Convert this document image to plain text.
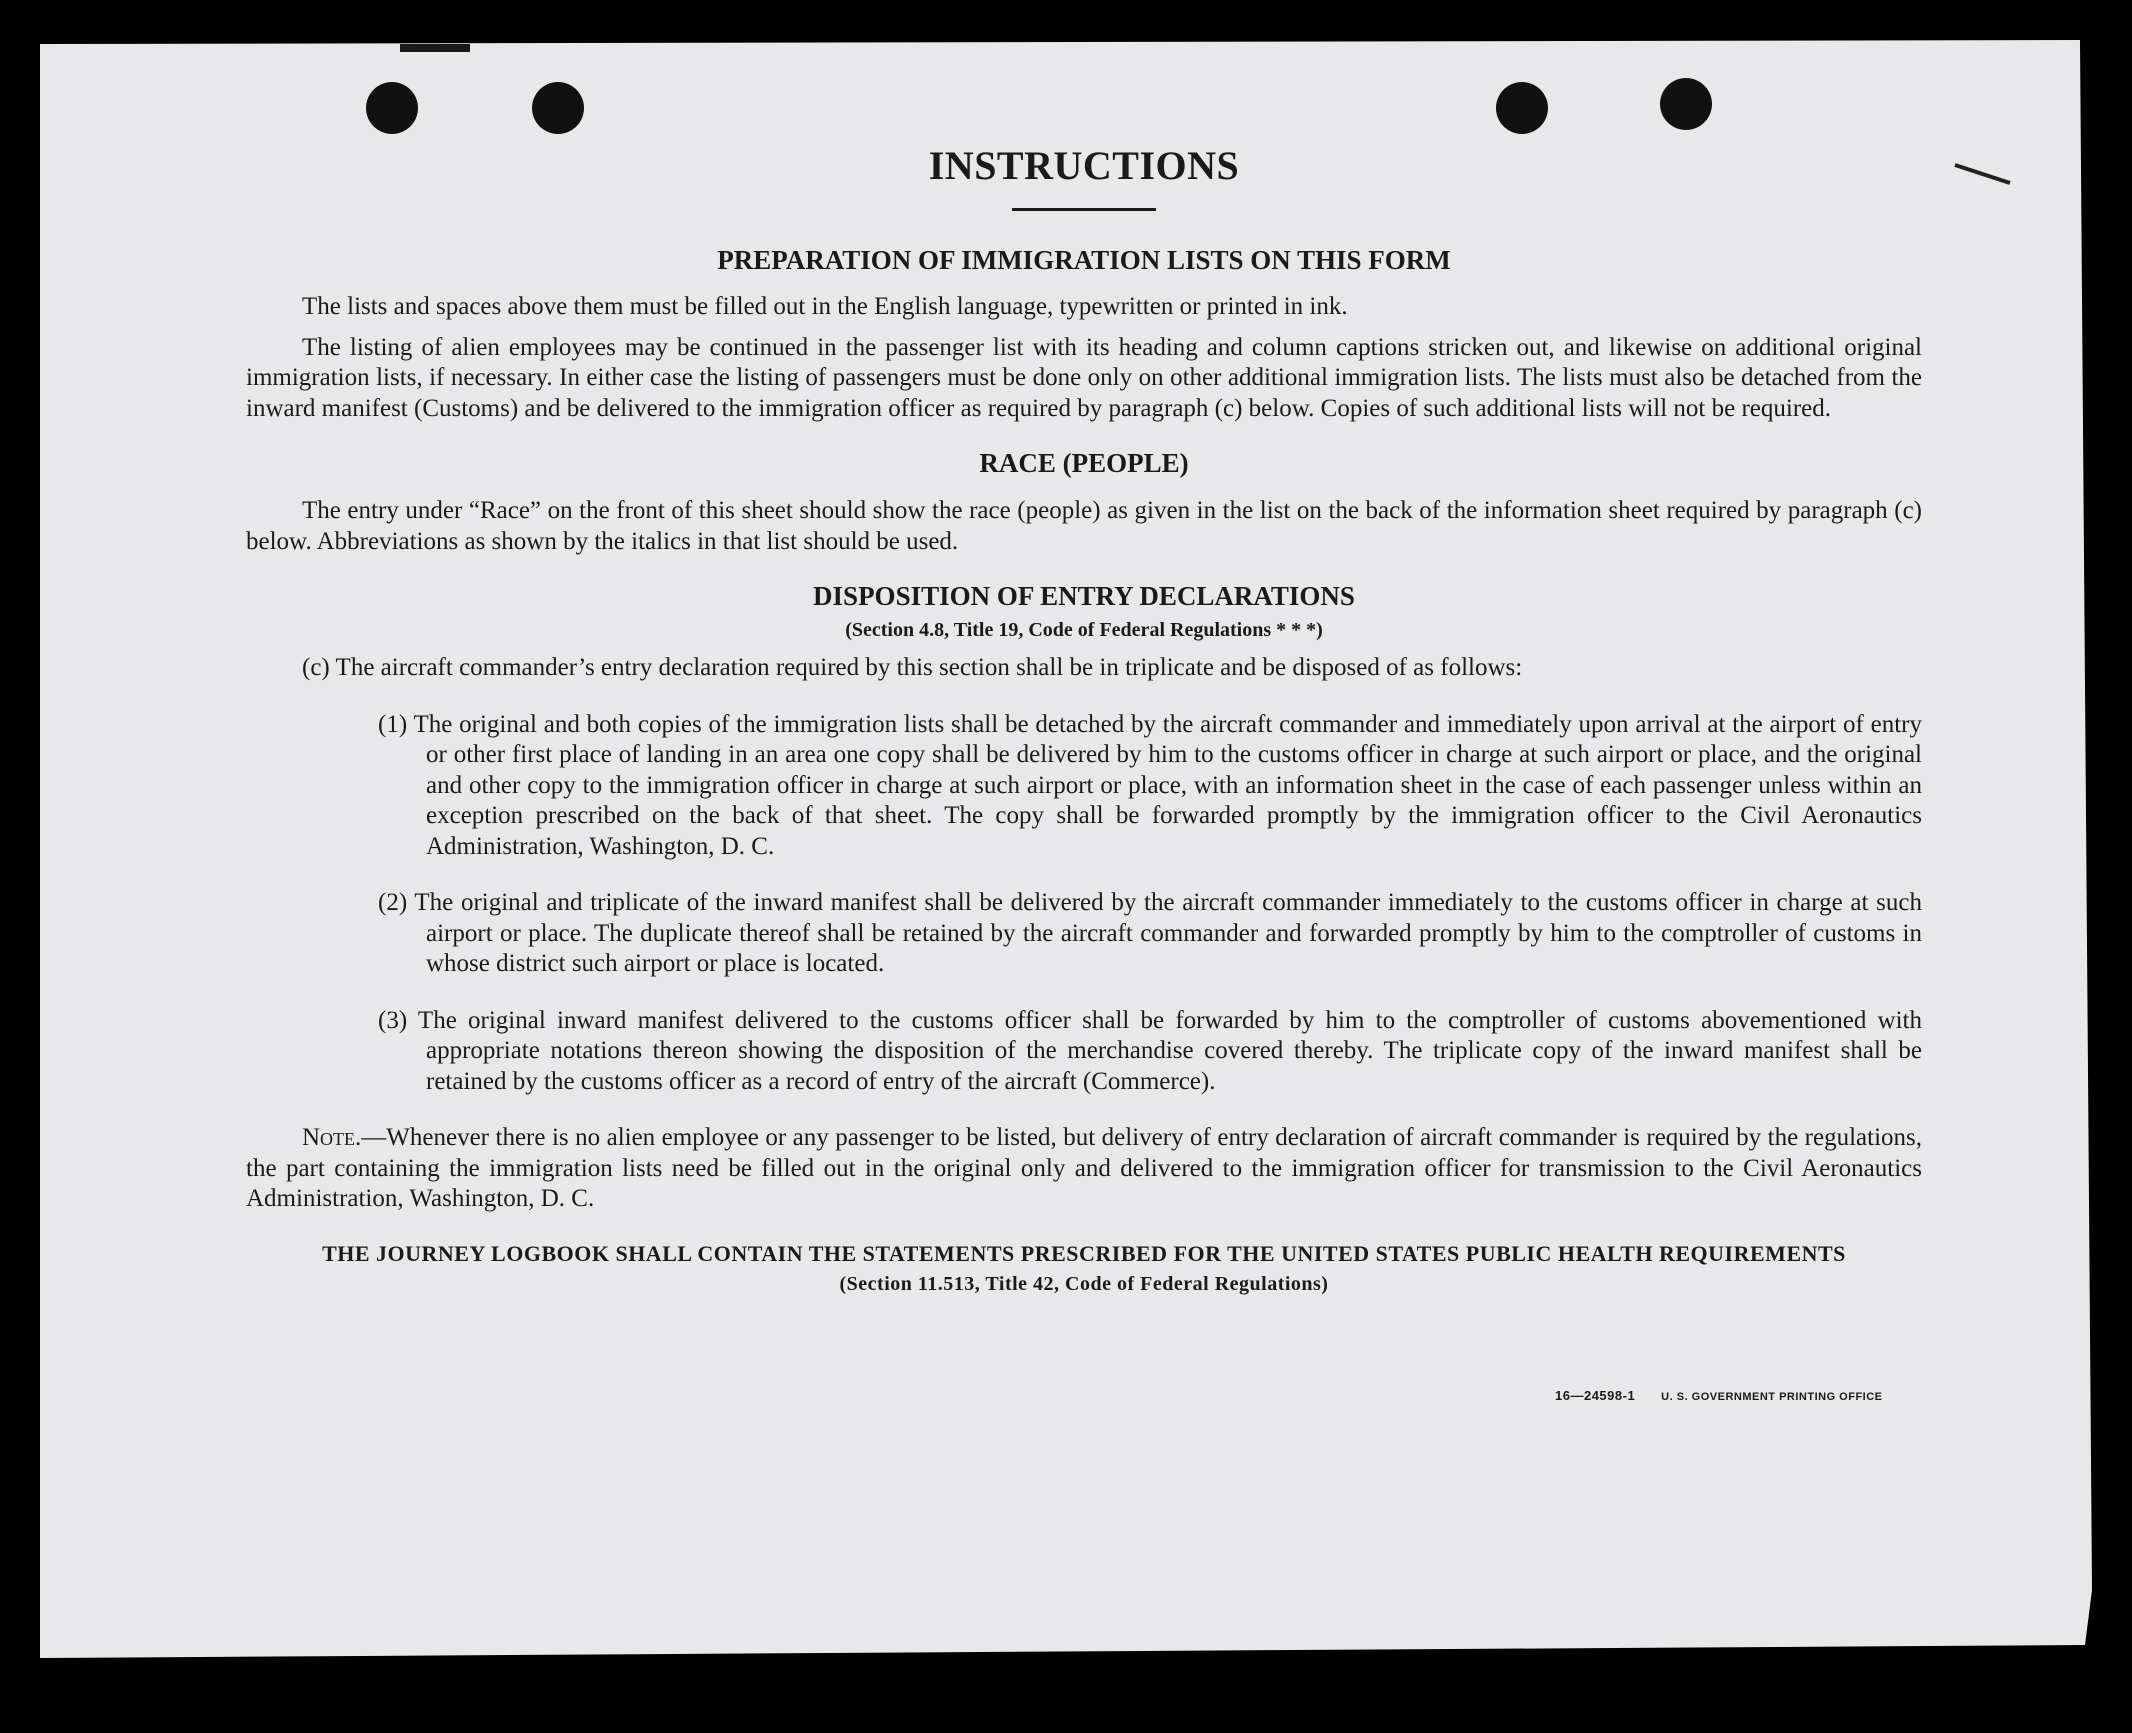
INSTRUCTIONS
PREPARATION OF IMMIGRATION LISTS ON THIS FORM

The lists and spaces above them must be filled out in the English language, typewritten or printed in ink.

The listing of alien employees may be continued in the passenger list with its heading and column captions stricken out, and likewise on additional original immigration lists, if necessary. In either case the listing of passengers must be done only on other additional immigration lists. The lists must also be detached from the inward manifest (Customs) and be delivered to the immigration officer as required by paragraph (c) below. Copies of such additional lists will not be required.

RACE (PEOPLE)

The entry under “Race” on the front of this sheet should show the race (people) as given in the list on the back of the information sheet required by paragraph (c) below. Abbreviations as shown by the italics in that list should be used.

DISPOSITION OF ENTRY DECLARATIONS
(Section 4.8, Title 19, Code of Federal Regulations * * *)

(c) The aircraft commander’s entry declaration required by this section shall be in triplicate and be disposed of as follows:

(1) The original and both copies of the immigration lists shall be detached by the aircraft commander and immediately upon arrival at the airport of entry or other first place of landing in an area one copy shall be delivered by him to the customs officer in charge at such airport or place, and the original and other copy to the immigration officer in charge at such airport or place, with an information sheet in the case of each passenger unless within an exception prescribed on the back of that sheet. The copy shall be forwarded promptly by the immigration officer to the Civil Aeronautics Administration, Washington, D. C.

(2) The original and triplicate of the inward manifest shall be delivered by the aircraft commander immediately to the customs officer in charge at such airport or place. The duplicate thereof shall be retained by the aircraft commander and forwarded promptly by him to the comptroller of customs in whose district such airport or place is located.

(3) The original inward manifest delivered to the customs officer shall be forwarded by him to the comptroller of customs abovementioned with appropriate notations thereon showing the disposition of the merchandise covered thereby. The triplicate copy of the inward manifest shall be retained by the customs officer as a record of entry of the aircraft (Commerce).

Note.—Whenever there is no alien employee or any passenger to be listed, but delivery of entry declaration of aircraft commander is required by the regulations, the part containing the immigration lists need be filled out in the original only and delivered to the immigration officer for transmission to the Civil Aeronautics Administration, Washington, D. C.

THE JOURNEY LOGBOOK SHALL CONTAIN THE STATEMENTS PRESCRIBED FOR THE UNITED STATES PUBLIC HEALTH REQUIREMENTS
(Section 11.513, Title 42, Code of Federal Regulations)
16—24598-1 U. S. GOVERNMENT PRINTING OFFICE
